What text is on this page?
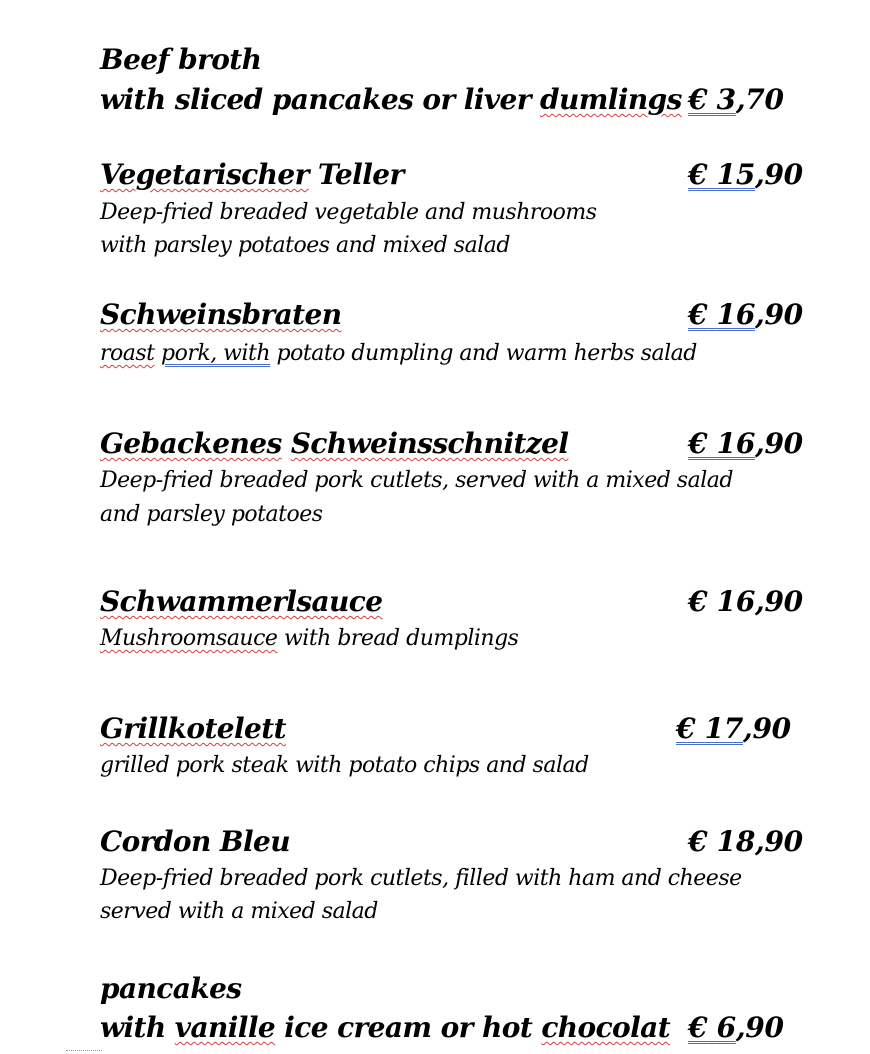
Beef broth
with sliced pancakes or liver dumlings € 3,70
Vegetarischer Teller	€ 15,90
Deep-fried breaded vegetable and mushrooms
with parsley potatoes and mixed salad
Schweinsbraten	€ 16,90
roast pork, with potato dumpling and warm herbs salad
Gebackenes Schweinsschnitzel	€ 16,90
Deep-fried breaded pork cutlets, served with a mixed salad
and parsley potatoes
Schwammerlsauce	€ 16,90
Mushroomsauce with bread dumplings
Grillkotelett	€ 17,90
grilled pork steak with potato chips and salad
Cordon Bleu	€ 18,90
Deep-fried breaded pork cutlets, filled with ham and cheese
served with a mixed salad
pancakes
with vanille ice cream or hot chocolat € 6,90
